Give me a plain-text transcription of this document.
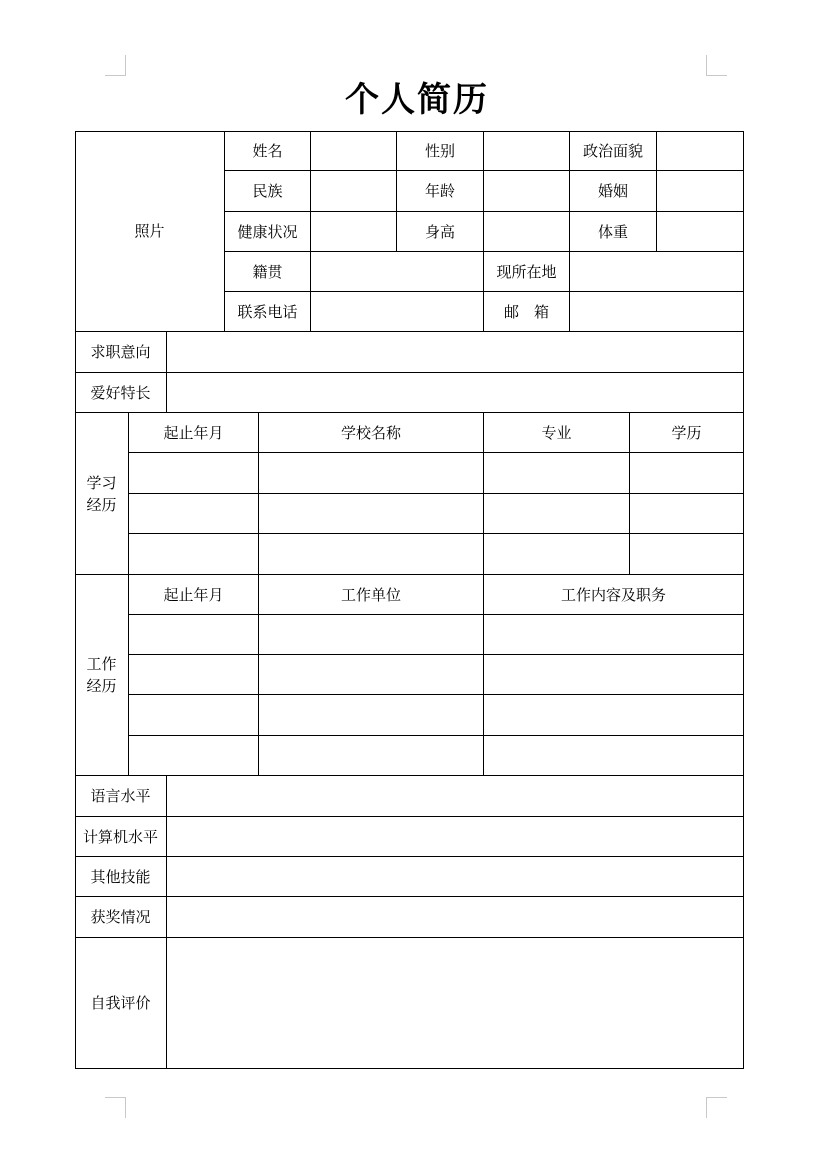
个人简历
照片
姓名	性别	政治面貌
民族	年龄	婚姻
健康状况	身高	体重
籍贯	现所在地
联系电话	邮　箱
求职意向
爱好特长
学习
经历
起止年月	学校名称	专业	学历
工作
经历
起止年月	工作单位	工作内容及职务
语言水平
计算机水平
其他技能
获奖情况
自我评价
